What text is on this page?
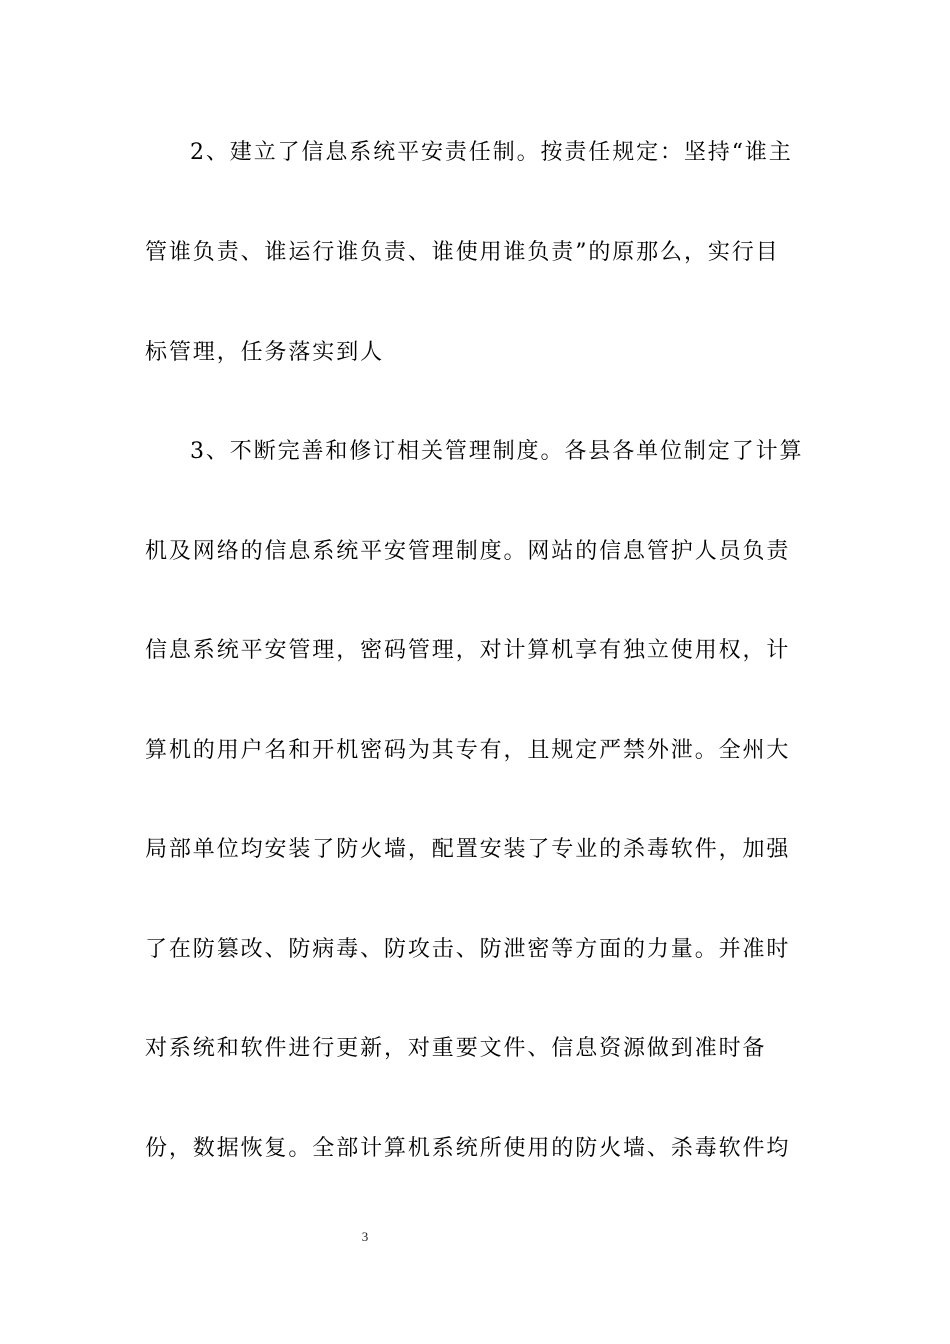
2、建立了信息系统平安责任制。按责任规定：坚持“谁主
管谁负责、谁运行谁负责、谁使用谁负责”的原那么，实行目
标管理，任务落实到人
3、不断完善和修订相关管理制度。各县各单位制定了计算
机及网络的信息系统平安管理制度。网站的信息管护人员负责
信息系统平安管理，密码管理，对计算机享有独立使用权，计
算机的用户名和开机密码为其专有，且规定严禁外泄。全州大
局部单位均安装了防火墙，配置安装了专业的杀毒软件，加强
了在防篡改、防病毒、防攻击、防泄密等方面的力量。并准时
对系统和软件进行更新，对重要文件、信息资源做到准时备
份，数据恢复。全部计算机系统所使用的防火墙、杀毒软件均
3
